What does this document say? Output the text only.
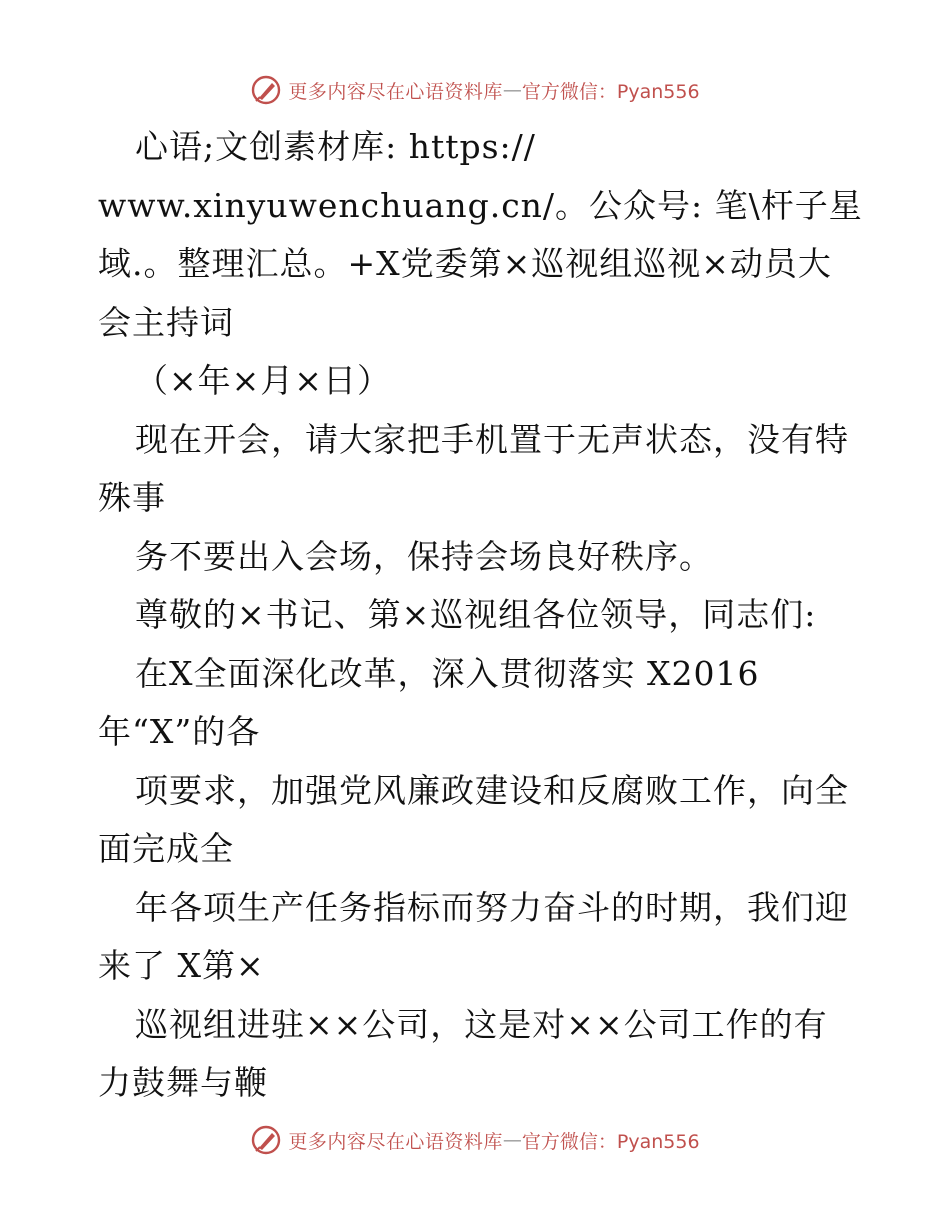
更多内容尽在心语资料库 — 官方微信：Pyan556
心语;文创素材库: https://
www.xinyuwenchuang.cn/。公众号: 笔\杆子星
域.。整理汇总。+X党委第×巡视组巡视×动员大
会主持词
（×年×月×日）
现在开会，请大家把手机置于无声状态，没有特
殊事
务不要出入会场，保持会场良好秩序。
尊敬的×书记、第×巡视组各位领导，同志们:
在X全面深化改革，深入贯彻落实 X2016
年“X”的各
项要求，加强党风廉政建设和反腐败工作，向全
面完成全
年各项生产任务指标而努力奋斗的时期，我们迎
来了 X第×
巡视组进驻××公司，这是对××公司工作的有
力鼓舞与鞭
更多内容尽在心语资料库 — 官方微信：Pyan556
